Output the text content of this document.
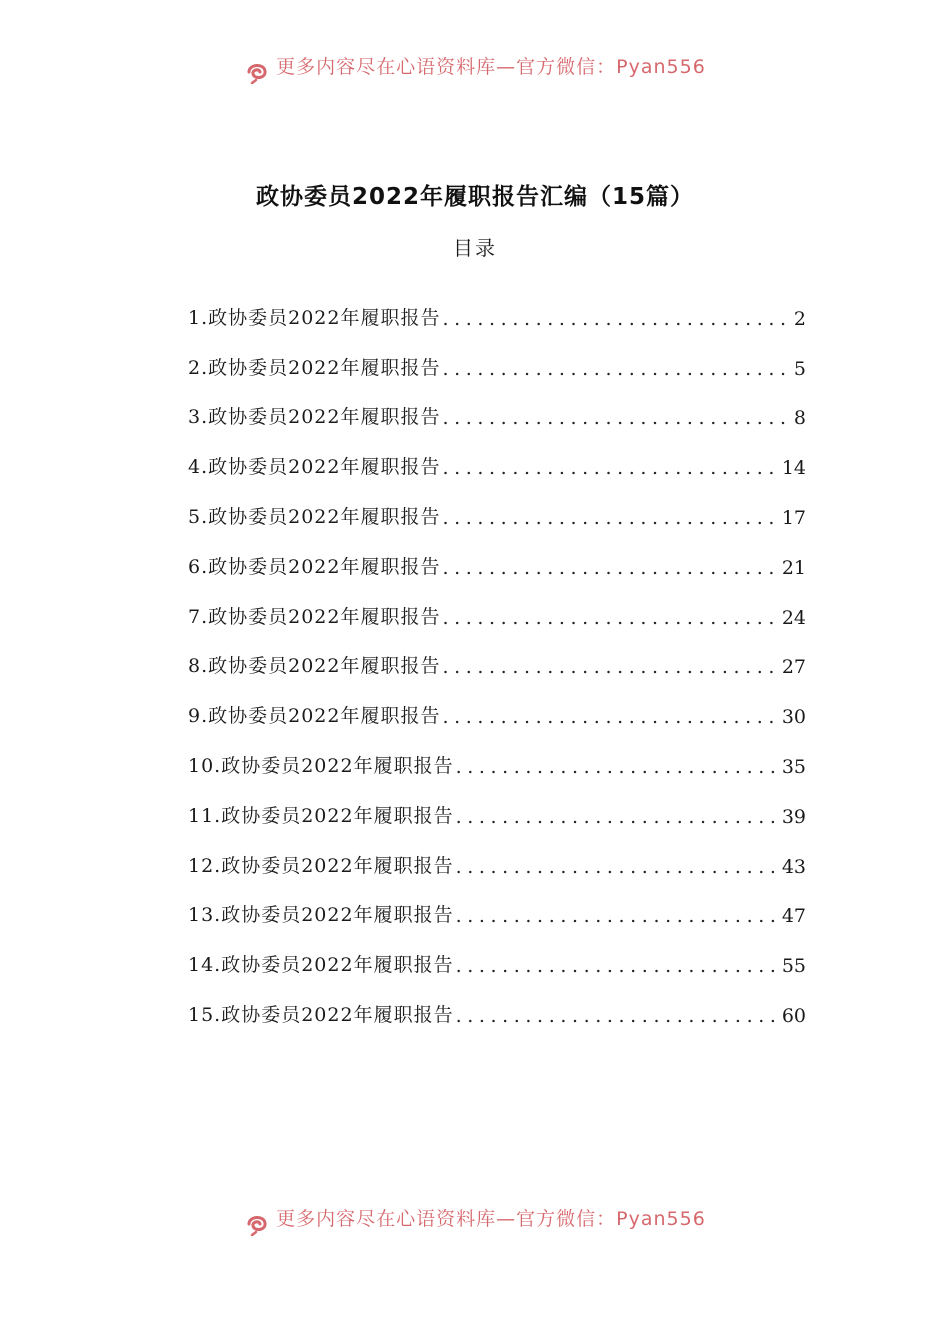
更多内容尽在心语资料库—官方微信：Pyan556
政协委员2022年履职报告汇编（15篇）
目录
1.政协委员2022年履职报告 .....	2
2.政协委员2022年履职报告 .....	5
3.政协委员2022年履职报告 .....	8
4.政协委员2022年履职报告 .....	14
5.政协委员2022年履职报告 .....	17
6.政协委员2022年履职报告 .....	21
7.政协委员2022年履职报告 .....	24
8.政协委员2022年履职报告 .....	27
9.政协委员2022年履职报告 .....	30
10.政协委员2022年履职报告 .....	35
11.政协委员2022年履职报告 .....	39
12.政协委员2022年履职报告 .....	43
13.政协委员2022年履职报告 .....	47
14.政协委员2022年履职报告 .....	55
15.政协委员2022年履职报告 .....	60
更多内容尽在心语资料库—官方微信：Pyan556
